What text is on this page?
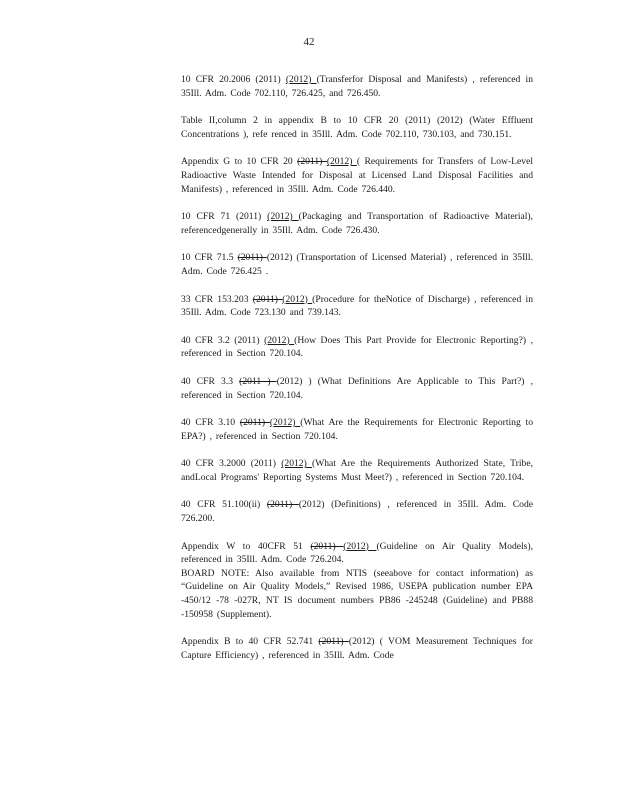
42

10 CFR 20.2006 (2011) (2012) (Transferfor Disposal and Manifests) , referenced in 35Ill. Adm. Code 702.110, 726.425, and 726.450.

Table II,column 2 in appendix B to 10 CFR 20 (2011) (2012) (Water Effluent Concentrations ), refe renced in 35Ill. Adm. Code 702.110, 730.103, and 730.151.

Appendix G to 10 CFR 20 (2011) (2012) ( Requirements for Transfers of Low-Level Radioactive Waste Intended for Disposal at Licensed Land Disposal Facilities and Manifests) , referenced in 35Ill. Adm. Code 726.440.

10 CFR 71 (2011) (2012) (Packaging and Transportation of Radioactive Material), referencedgenerally in 35Ill. Adm. Code 726.430.

10 CFR 71.5 (2011) (2012) (Transportation of Licensed Material) , referenced in 35Ill. Adm. Code 726.425 .

33 CFR 153.203 (2011) (2012) (Procedure for theNotice of Discharge) , referenced in 35Ill. Adm. Code 723.130 and 739.143.

40 CFR 3.2 (2011) (2012) (How Does This Part Provide for Electronic Reporting?) , referenced in Section 720.104.

40 CFR 3.3 (2011 ) (2012) ) (What Definitions Are Applicable to This Part?) , referenced in Section 720.104.

40 CFR 3.10 (2011) (2012) (What Are the Requirements for Electronic Reporting to EPA?) , referenced in Section 720.104.

40 CFR 3.2000 (2011) (2012) (What Are the Requirements Authorized State, Tribe, andLocal Programs' Reporting Systems Must Meet?) , referenced in Section 720.104.

40 CFR 51.100(ii) (2011) (2012) (Definitions) , referenced in 35Ill. Adm. Code 726.200.

Appendix W to 40CFR 51 (2011) (2012) (Guideline on Air Quality Models), referenced in 35Ill. Adm. Code 726.204.

BOARD NOTE: Also available from NTIS (seeabove for contact information) as “Guideline on Air Quality Models,” Revised 1986, USEPA publication number EPA -450/12 -78 -027R, NT IS document numbers PB86 -245248 (Guideline) and PB88 -150958 (Supplement).

Appendix B to 40 CFR 52.741 (2011) (2012) ( VOM Measurement Techniques for Capture Efficiency) , referenced in 35Ill. Adm. Code
